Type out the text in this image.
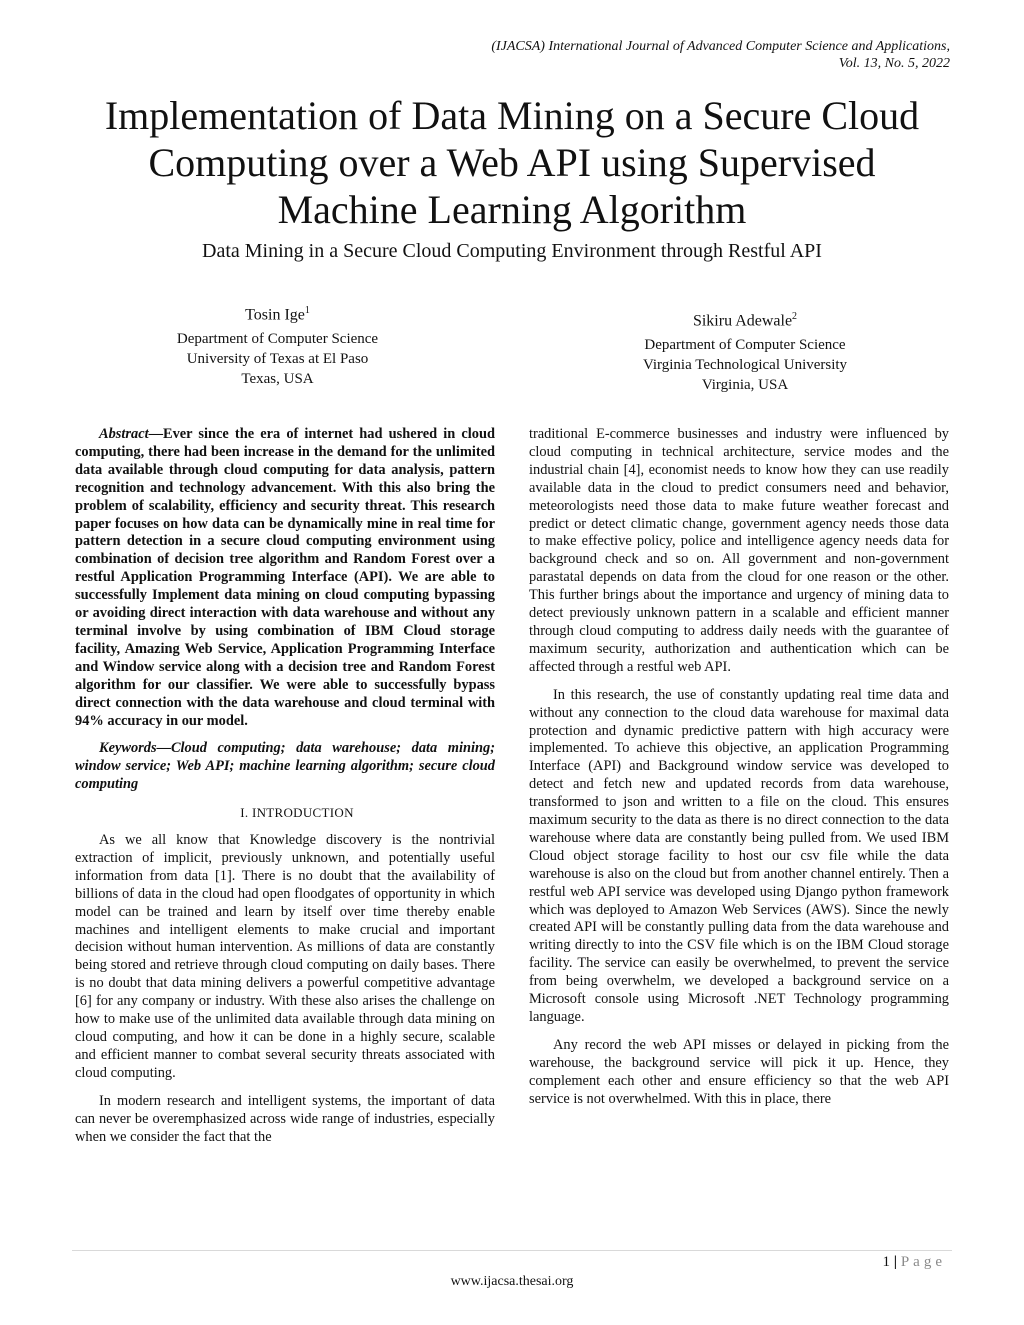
(IJACSA) International Journal of Advanced Computer Science and Applications,
Vol. 13, No. 5, 2022
Implementation of Data Mining on a Secure Cloud Computing over a Web API using Supervised Machine Learning Algorithm
Data Mining in a Secure Cloud Computing Environment through Restful API
Tosin Ige$^1$
Department of Computer Science
University of Texas at El Paso
Texas, USA
Sikiru Adewale$^2$
Department of Computer Science
Virginia Technological University
Virginia, USA

Abstract—Ever since the era of internet had ushered in cloud computing, there had been increase in the demand for the unlimited data available through cloud computing for data analysis, pattern recognition and technology advancement. With this also bring the problem of scalability, efficiency and security threat. This research paper focuses on how data can be dynamically mine in real time for pattern detection in a secure cloud computing environment using combination of decision tree algorithm and Random Forest over a restful Application Programming Interface (API). We are able to successfully Implement data mining on cloud computing bypassing or avoiding direct interaction with data warehouse and without any terminal involve by using combination of IBM Cloud storage facility, Amazing Web Service, Application Programming Interface and Window service along with a decision tree and Random Forest algorithm for our classifier. We were able to successfully bypass direct connection with the data warehouse and cloud terminal with 94% accuracy in our model.

Keywords—Cloud computing; data warehouse; data mining; window service; Web API; machine learning algorithm; secure cloud computing

I. INTRODUCTION

As we all know that Knowledge discovery is the nontrivial extraction of implicit, previously unknown, and potentially useful information from data [1]. There is no doubt that the availability of billions of data in the cloud had open floodgates of opportunity in which model can be trained and learn by itself over time thereby enable machines and intelligent elements to make crucial and important decision without human intervention. As millions of data are constantly being stored and retrieve through cloud computing on daily bases. There is no doubt that data mining delivers a powerful competitive advantage [6] for any company or industry. With these also arises the challenge on how to make use of the unlimited data available through data mining on cloud computing, and how it can be done in a highly secure, scalable and efficient manner to combat several security threats associated with cloud computing.

In modern research and intelligent systems, the important of data can never be overemphasized across wide range of industries, especially when we consider the fact that the

traditional E-commerce businesses and industry were influenced by cloud computing in technical architecture, service modes and the industrial chain [4], economist needs to know how they can use readily available data in the cloud to predict consumers need and behavior, meteorologists need those data to make future weather forecast and predict or detect climatic change, government agency needs those data to make effective policy, police and intelligence agency needs data for background check and so on. All government and non-government parastatal depends on data from the cloud for one reason or the other. This further brings about the importance and urgency of mining data to detect previously unknown pattern in a scalable and efficient manner through cloud computing to address daily needs with the guarantee of maximum security, authorization and authentication which can be affected through a restful web API.

In this research, the use of constantly updating real time data and without any connection to the cloud data warehouse for maximal data protection and dynamic predictive pattern with high accuracy were implemented. To achieve this objective, an application Programming Interface (API) and Background window service was developed to detect and fetch new and updated records from data warehouse, transformed to json and written to a file on the cloud. This ensures maximum security to the data as there is no direct connection to the data warehouse where data are constantly being pulled from. We used IBM Cloud object storage facility to host our csv file while the data warehouse is also on the cloud but from another channel entirely. Then a restful web API service was developed using Django python framework which was deployed to Amazon Web Services (AWS). Since the newly created API will be constantly pulling data from the data warehouse and writing directly to into the CSV file which is on the IBM Cloud storage facility. The service can easily be overwhelmed, to prevent the service from being overwhelm, we developed a background service on a Microsoft console using Microsoft .NET Technology programming language.

Any record the web API misses or delayed in picking from the warehouse, the background service will pick it up. Hence, they complement each other and ensure efficiency so that the web API service is not overwhelmed. With this in place, there

1 | Page
www.ijacsa.thesai.org
